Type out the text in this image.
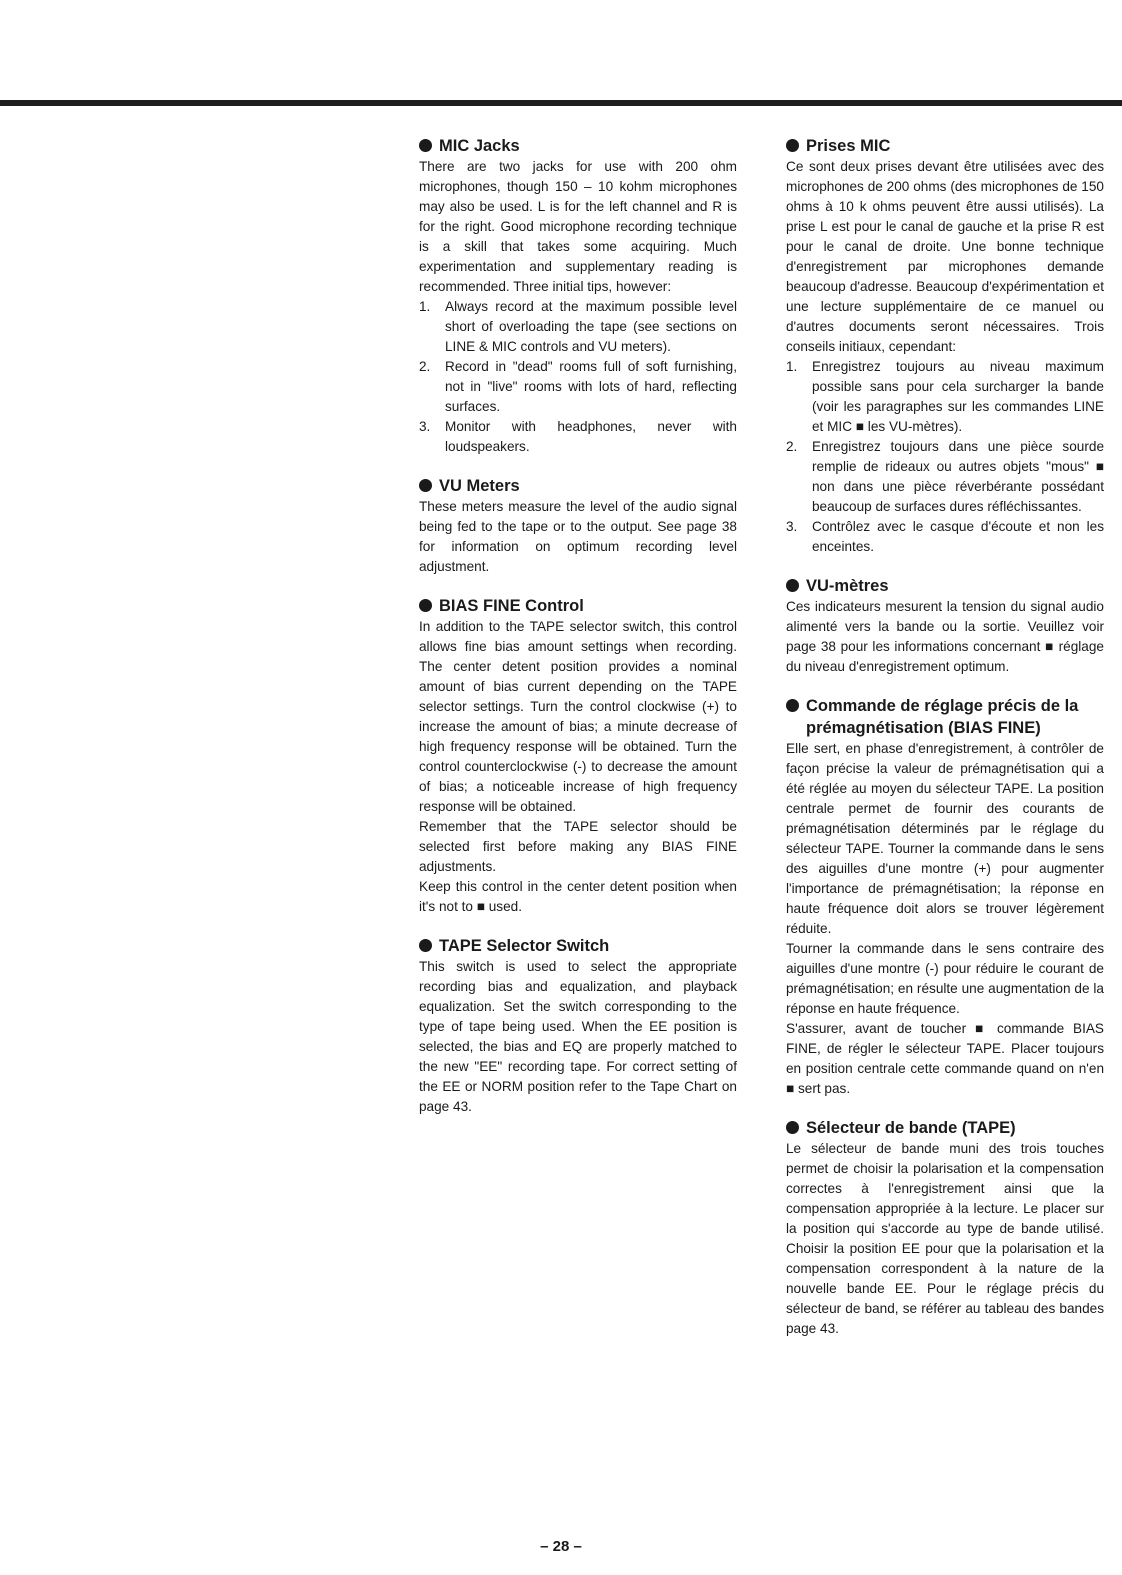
MIC Jacks

There are two jacks for use with 200 ohm microphones, though 150 – 10 kohm microphones may also be used. L is for the left channel and R is for the right. Good microphone recording technique is a skill that takes some acquiring. Much experimentation and supplementary reading is recommended. Three initial tips, however:

1.	Always record at the maximum possible level short of overloading the tape (see sections on LINE & MIC controls and VU meters).
2.	Record in "dead" rooms full of soft furnishing, not in "live" rooms with lots of hard, reflecting surfaces.
3.	Monitor with headphones, never with loudspeakers.
VU Meters

These meters measure the level of the audio signal being fed to the tape or to the output. See page 38 for information on optimum recording level adjustment.

BIAS FINE Control

In addition to the TAPE selector switch, this control allows fine bias amount settings when recording. The center detent position provides a nominal amount of bias current depending on the TAPE selector settings. Turn the control clockwise (+) to increase the amount of bias; a minute decrease of high frequency response will be obtained. Turn the control counterclockwise (-) to decrease the amount of bias; a noticeable increase of high frequency response will be obtained.

Remember that the TAPE selector should be selected first before making any BIAS FINE adjustments.

Keep this control in the center detent position when it's not to ■ used.

TAPE Selector Switch

This switch is used to select the appropriate recording bias and equalization, and playback equalization. Set the switch corresponding to the type of tape being used. When the EE position is selected, the bias and EQ are properly matched to the new "EE" recording tape. For correct setting of the EE or NORM position refer to the Tape Chart on page 43.

Prises MIC

Ce sont deux prises devant être utilisées avec des microphones de 200 ohms (des microphones de 150 ohms à 10 k ohms peuvent être aussi utilisés). La prise L est pour le canal de gauche et la prise R est pour le canal de droite. Une bonne technique d'enregistrement par microphones demande beaucoup d'adresse. Beaucoup d'expérimentation et une lecture supplémentaire de ce manuel ou d'autres documents seront nécessaires. Trois conseils initiaux, cependant:

1.	Enregistrez toujours au niveau maximum possible sans pour cela surcharger la bande (voir les paragraphes sur les commandes LINE et MIC ■ les VU-mètres).
2.	Enregistrez toujours dans une pièce sourde remplie de rideaux ou autres objets "mous" ■ non dans une pièce réverbérante possédant beaucoup de surfaces dures réfléchissantes.
3.	Contrôlez avec le casque d'écoute et non les enceintes.
VU-mètres

Ces indicateurs mesurent la tension du signal audio alimenté vers la bande ou la sortie. Veuillez voir page 38 pour les informations concernant ■ réglage du niveau d'enregistrement optimum.

Commande de réglage précis de la prémagnétisation (BIAS FINE)

Elle sert, en phase d'enregistrement, à contrôler de façon précise la valeur de prémagnétisation qui a été réglée au moyen du sélecteur TAPE. La position centrale permet de fournir des courants de prémagnétisation déterminés par le réglage du sélecteur TAPE. Tourner la commande dans le sens des aiguilles d'une montre (+) pour augmenter l'importance de prémagnétisation; la réponse en haute fréquence doit alors se trouver légèrement réduite.

Tourner la commande dans le sens contraire des aiguilles d'une montre (-) pour réduire le courant de prémagnétisation; en résulte une augmentation de la réponse en haute fréquence.

S'assurer, avant de toucher ■ commande BIAS FINE, de régler le sélecteur TAPE. Placer toujours en position centrale cette commande quand on n'en ■ sert pas.

Sélecteur de bande (TAPE)

Le sélecteur de bande muni des trois touches permet de choisir la polarisation et la compensation correctes à l'enregistrement ainsi que la compensation appropriée à la lecture. Le placer sur la position qui s'accorde au type de bande utilisé. Choisir la position EE pour que la polarisation et la compensation correspondent à la nature de la nouvelle bande EE. Pour le réglage précis du sélecteur de band, se référer au tableau des bandes page 43.

– 28 –
